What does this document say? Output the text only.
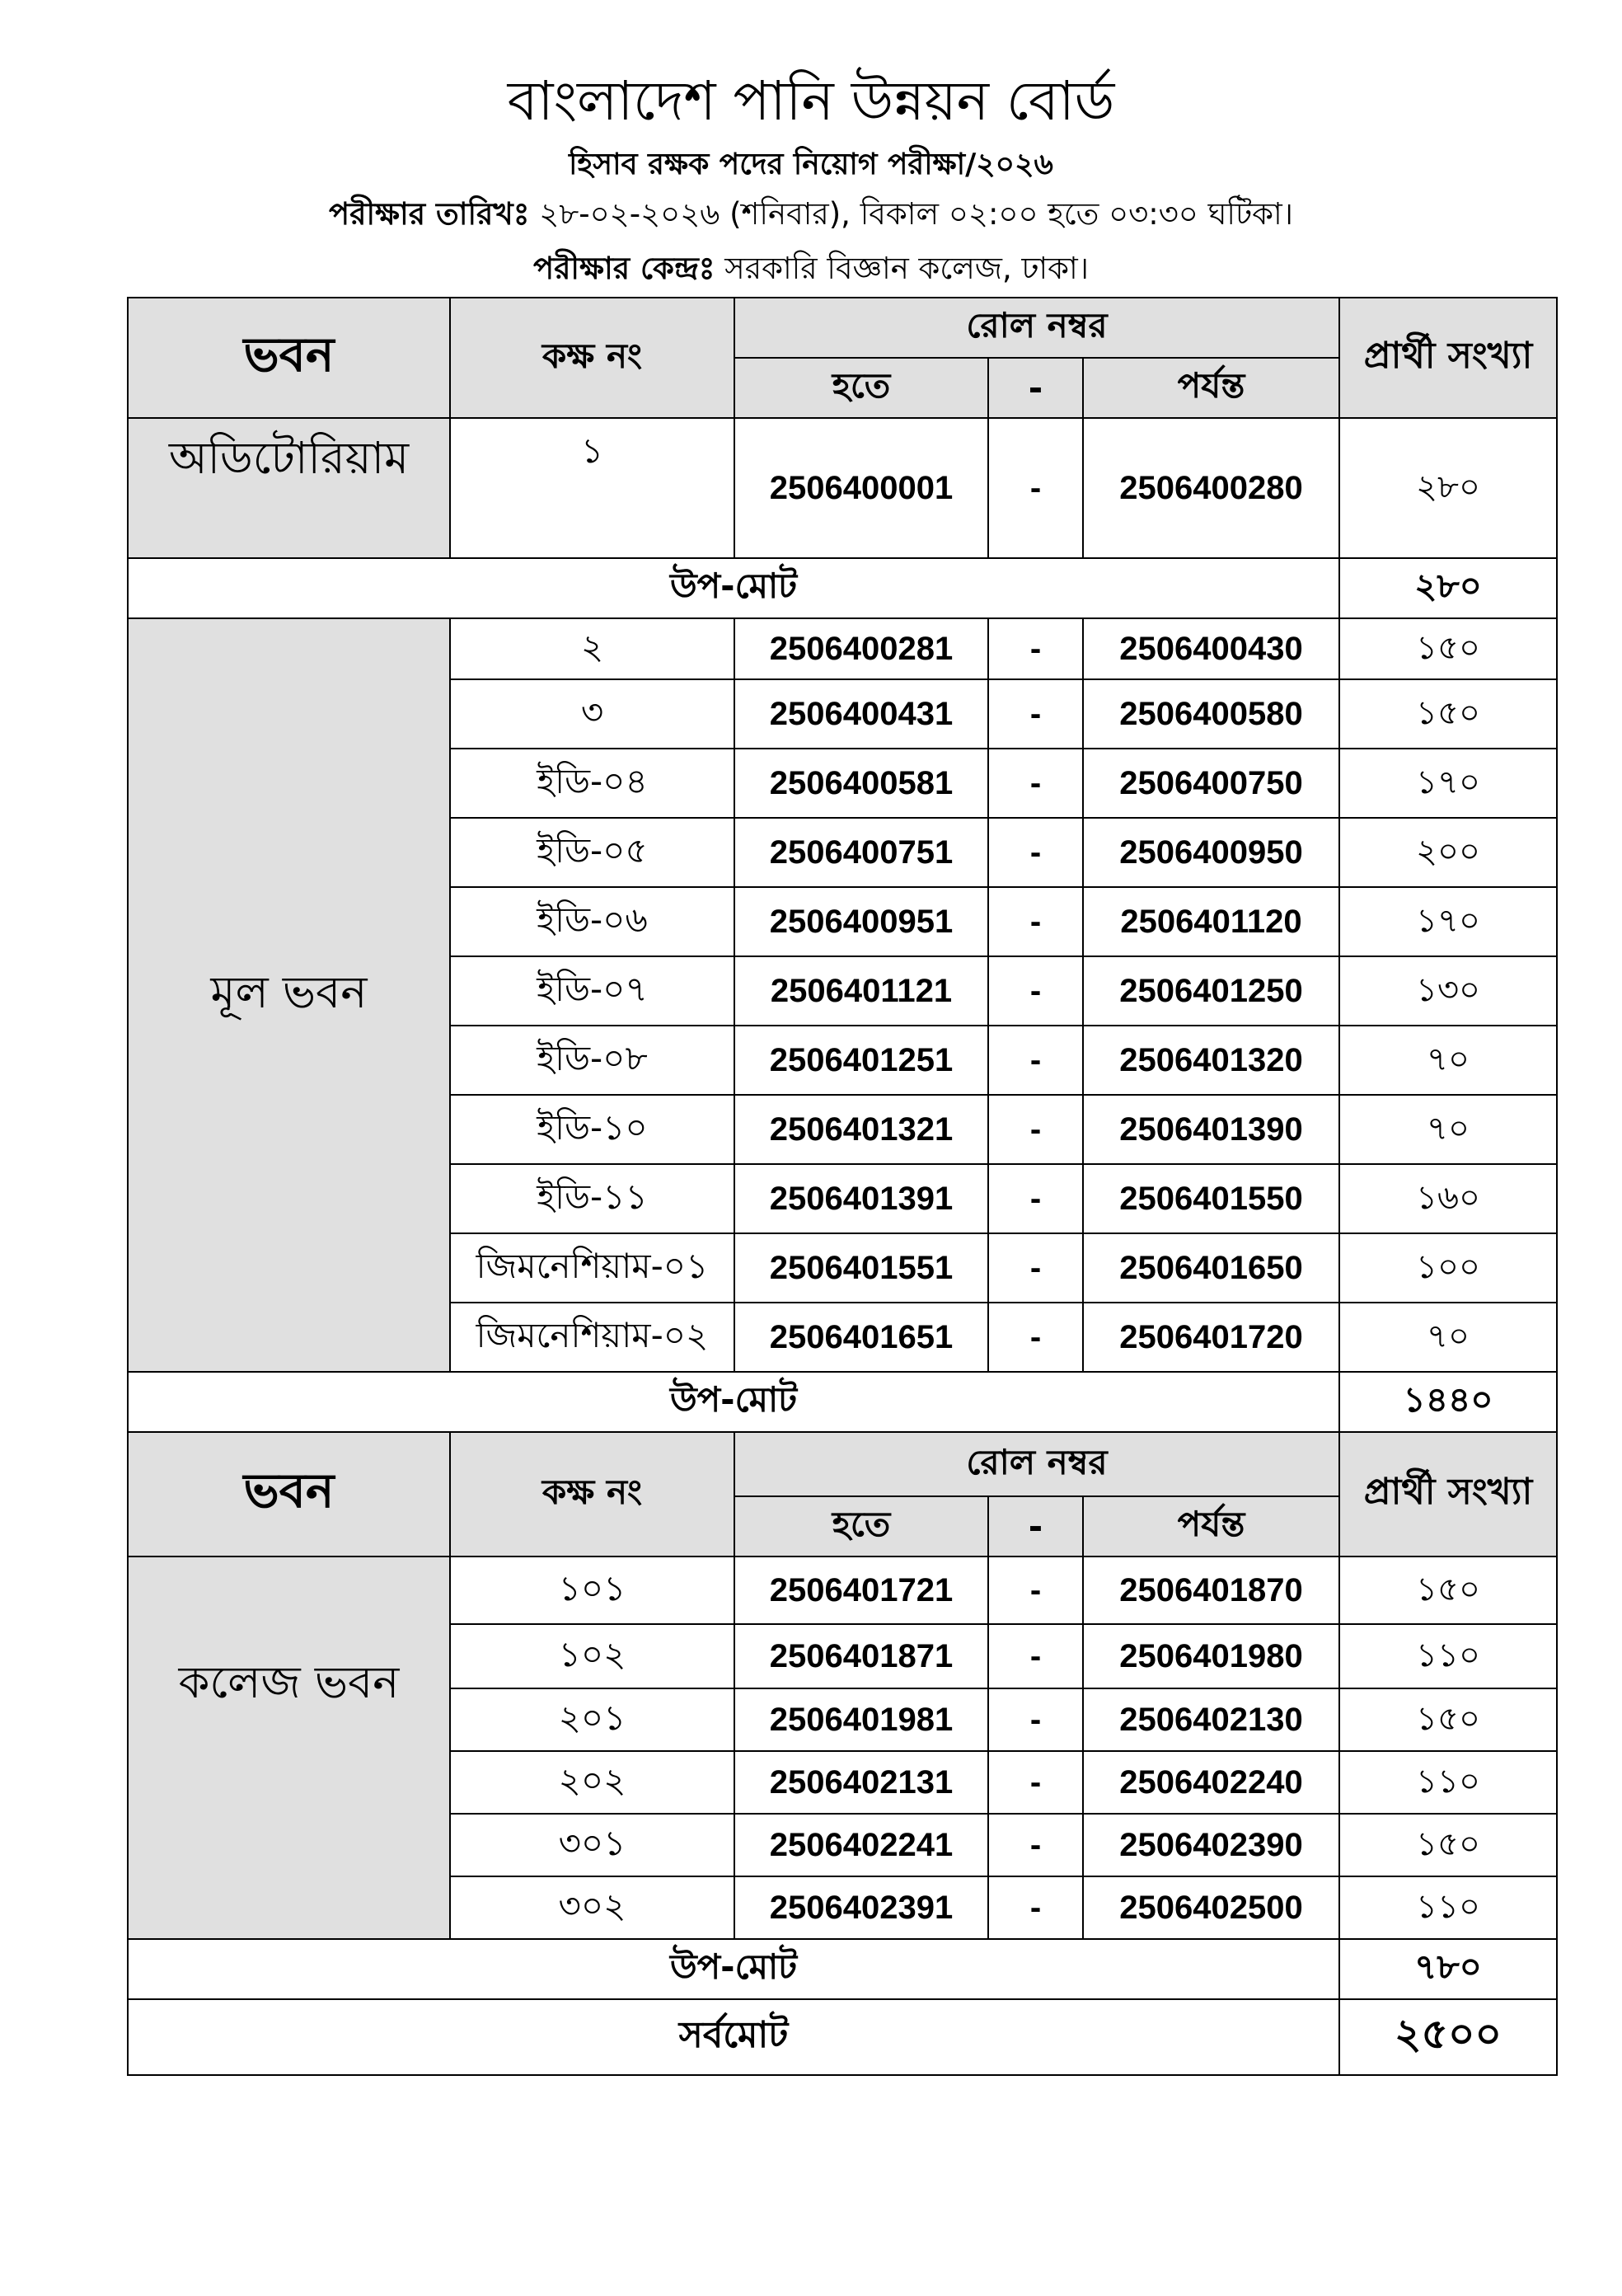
বাংলাদেশ পানি উন্নয়ন বোর্ড
হিসাব রক্ষক পদের নিয়োগ পরীক্ষা/২০২৬
পরীক্ষার তারিখঃ ২৮-০২-২০২৬ (শনিবার), বিকাল ০২:০০ হতে ০৩:৩০ ঘটিকা।
পরীক্ষার কেন্দ্রঃ সরকারি বিজ্ঞান কলেজ, ঢাকা।
ভবন	কক্ষ নং	রোল নম্বর			প্রার্থী সংখ্যা
		হতে	-	পর্যন্ত	
অডিটোরিয়াম	১	2506400001	-	2506400280	২৮০
উপ-মোট					২৮০
মূল ভবন	২	2506400281	-	2506400430	১৫০
	৩	2506400431	-	2506400580	১৫০
	ইডি-০৪	2506400581	-	2506400750	১৭০
	ইডি-০৫	2506400751	-	2506400950	২০০
	ইডি-০৬	2506400951	-	2506401120	১৭০
	ইডি-০৭	2506401121	-	2506401250	১৩০
	ইডি-০৮	2506401251	-	2506401320	৭০
	ইডি-১০	2506401321	-	2506401390	৭০
	ইডি-১১	2506401391	-	2506401550	১৬০
	জিমনেশিয়াম-০১	2506401551	-	2506401650	১০০
	জিমনেশিয়াম-০২	2506401651	-	2506401720	৭০
উপ-মোট					১৪৪০
ভবন	কক্ষ নং	রোল নম্বর			প্রার্থী সংখ্যা
		হতে	-	পর্যন্ত	
কলেজ ভবন	১০১	2506401721	-	2506401870	১৫০
	১০২	2506401871	-	2506401980	১১০
	২০১	2506401981	-	2506402130	১৫০
	২০২	2506402131	-	2506402240	১১০
	৩০১	2506402241	-	2506402390	১৫০
	৩০২	2506402391	-	2506402500	১১০
উপ-মোট					৭৮০
সর্বমোট					২৫০০
